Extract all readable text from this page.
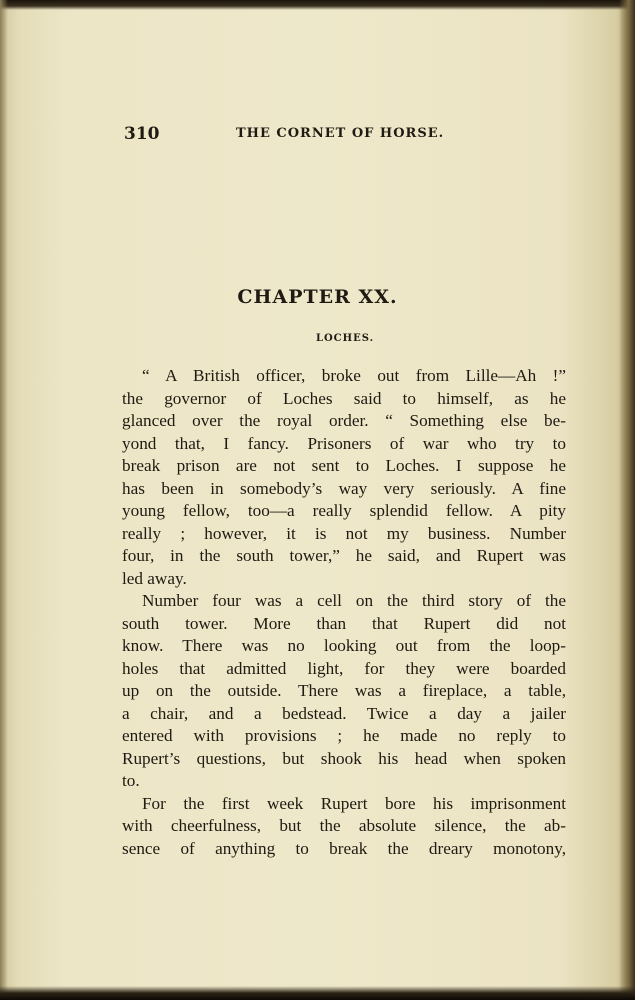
310	THE CORNET OF HORSE.
CHAPTER XX.
LOCHES.
“ A British officer, broke out from Lille—Ah !”
the governor of Loches said to himself, as he
glanced over the royal order. “ Something else be-
yond that, I fancy. Prisoners of war who try to
break prison are not sent to Loches. I suppose he
has been in somebody’s way very seriously. A fine
young fellow, too—a really splendid fellow. A pity
really ; however, it is not my business. Number
four, in the south tower,” he said, and Rupert was
led away.
Number four was a cell on the third story of the
south tower. More than that Rupert did not
know. There was no looking out from the loop-
holes that admitted light, for they were boarded
up on the outside. There was a fireplace, a table,
a chair, and a bedstead. Twice a day a jailer
entered with provisions ; he made no reply to
Rupert’s questions, but shook his head when spoken
to.
For the first week Rupert bore his imprisonment
with cheerfulness, but the absolute silence, the ab-
sence of anything to break the dreary monotony,
